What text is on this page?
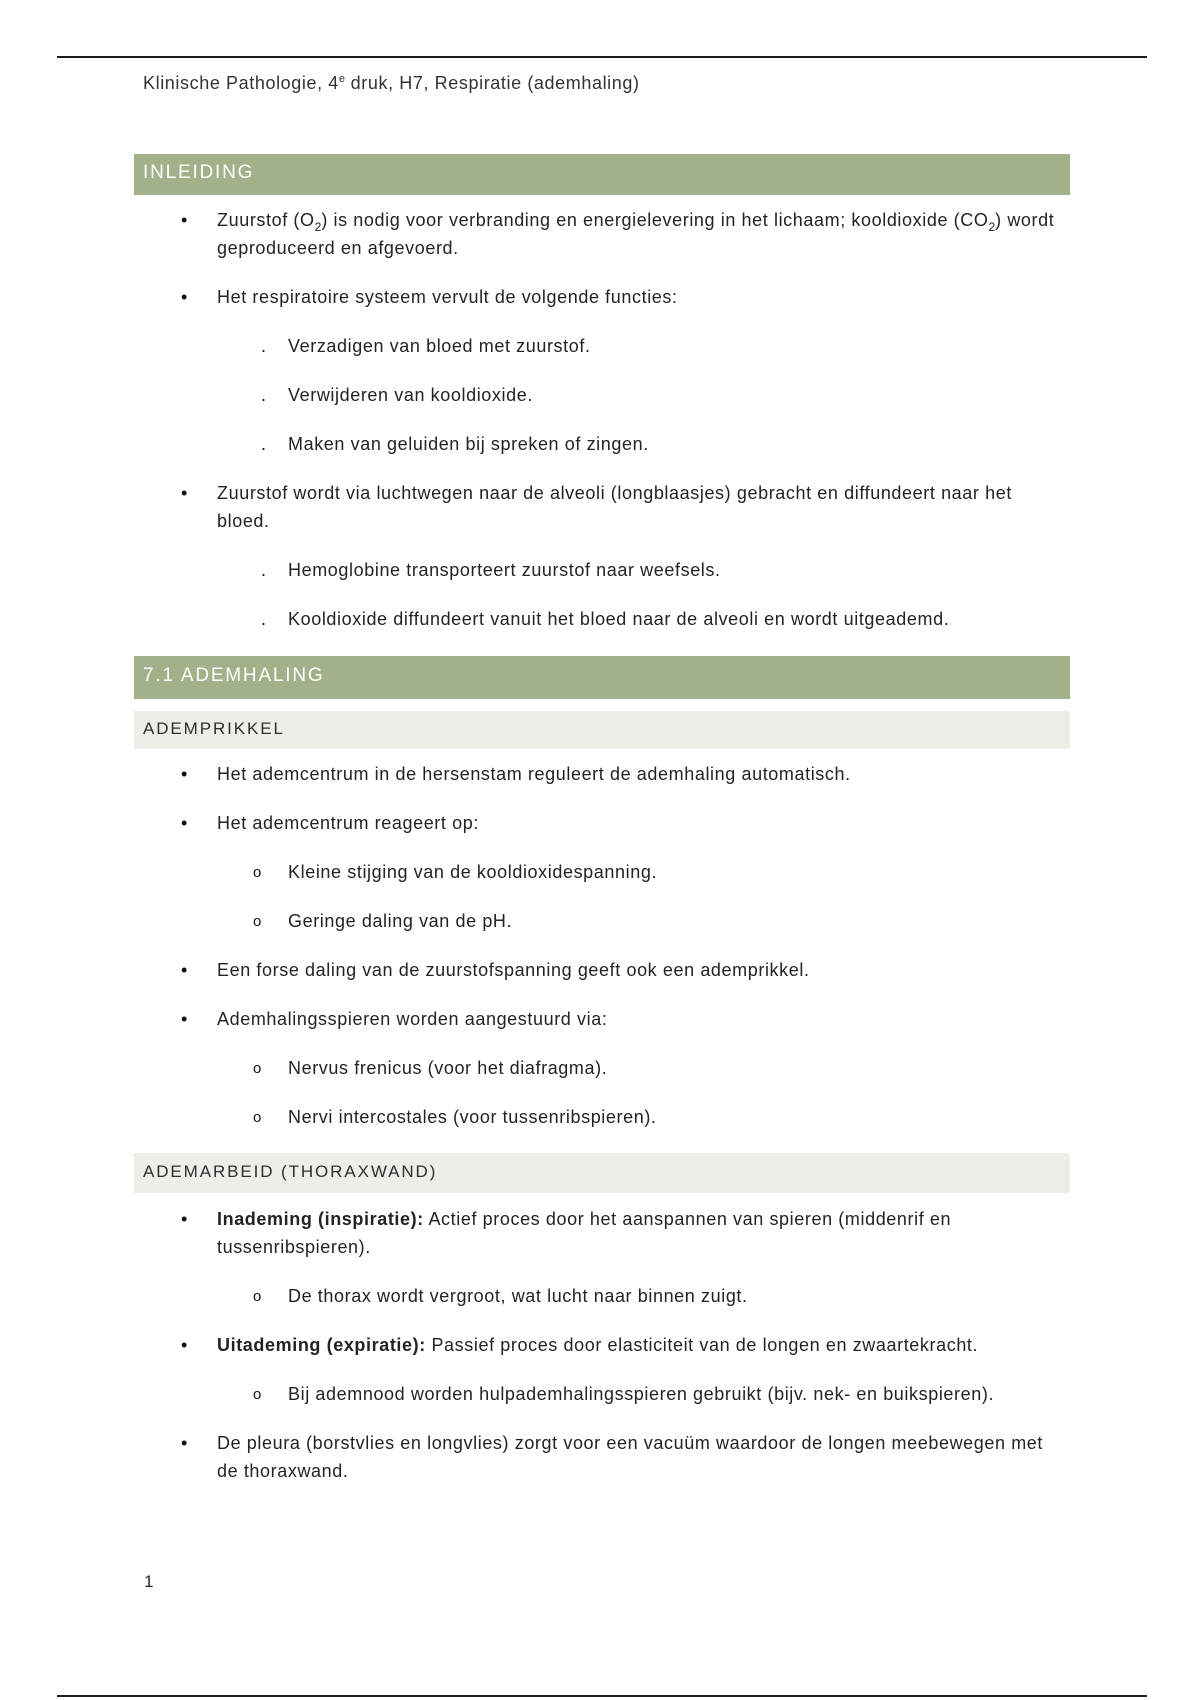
Klinische Pathologie, 4e druk, H7, Respiratie (ademhaling)
INLEIDING
• Zuurstof $(O_2)$ is nodig voor verbranding en energielevering in het lichaam; kooldioxide $(CO_2)$ wordt
geproduceerd en afgevoerd.
• Het respiratoire systeem vervult de volgende functies:
. Verzadigen van bloed met zuurstof.
. Verwijderen van kooldioxide.
. Maken van geluiden bij spreken of zingen.
• Zuurstof wordt via luchtwegen naar de alveoli (longblaasjes) gebracht en diffundeert naar het
bloed.
. Hemoglobine transporteert zuurstof naar weefsels.
. Kooldioxide diffundeert vanuit het bloed naar de alveoli en wordt uitgeademd.
7.1 ADEMHALING
ADEMPRIKKEL
• Het ademcentrum in de hersenstam reguleert de ademhaling automatisch.
• Het ademcentrum reageert op:
o Kleine stijging van de kooldioxidespanning.
o Geringe daling van de pH.
• Een forse daling van de zuurstofspanning geeft ook een ademprikkel.
• Ademhalingsspieren worden aangestuurd via:
o Nervus frenicus (voor het diafragma).
o Nervi intercostales (voor tussenribspieren).
ADEMARBEID (THORAXWAND)
• Inademing (inspiratie): Actief proces door het aanspannen van spieren (middenrif en
tussenribspieren).
o De thorax wordt vergroot, wat lucht naar binnen zuigt.
• Uitademing (expiratie): Passief proces door elasticiteit van de longen en zwaartekracht.
o Bij ademnood worden hulpademhalingsspieren gebruikt (bijv. nek- en buikspieren).
• De pleura (borstvlies en longvlies) zorgt voor een vacuüm waardoor de longen meebewegen met
de thoraxwand.
1
